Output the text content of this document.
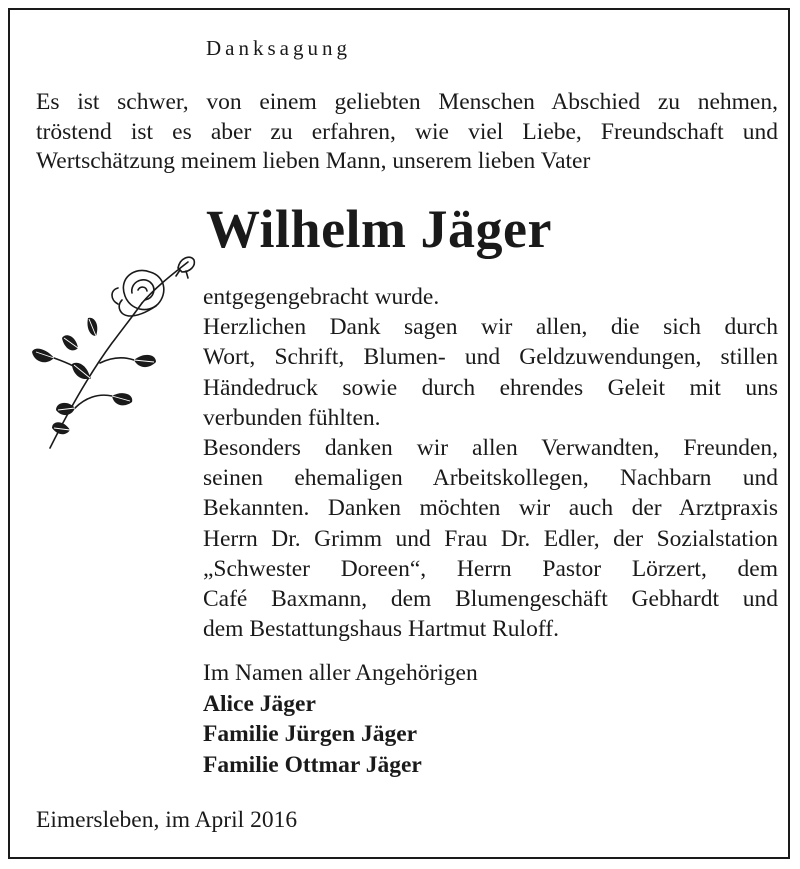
Danksagung
Es ist schwer, von einem geliebten Menschen Abschied zu nehmen,
tröstend ist es aber zu erfahren, wie viel Liebe, Freundschaft und
Wertschätzung meinem lieben Mann, unserem lieben Vater
Wilhelm Jäger
entgegengebracht wurde.
Herzlichen Dank sagen wir allen, die sich durch
Wort, Schrift, Blumen- und Geldzuwendungen, stillen
Händedruck sowie durch ehrendes Geleit mit uns
verbunden fühlten.
Besonders danken wir allen Verwandten, Freunden,
seinen ehemaligen Arbeitskollegen, Nachbarn und
Bekannten. Danken möchten wir auch der Arztpraxis
Herrn Dr. Grimm und Frau Dr. Edler, der Sozialstation
„Schwester Doreen“, Herrn Pastor Lörzert, dem
Café Baxmann, dem Blumengeschäft Gebhardt und
dem Bestattungshaus Hartmut Ruloff.
Im Namen aller Angehörigen
Alice Jäger
Familie Jürgen Jäger
Familie Ottmar Jäger
Eimersleben, im April 2016
